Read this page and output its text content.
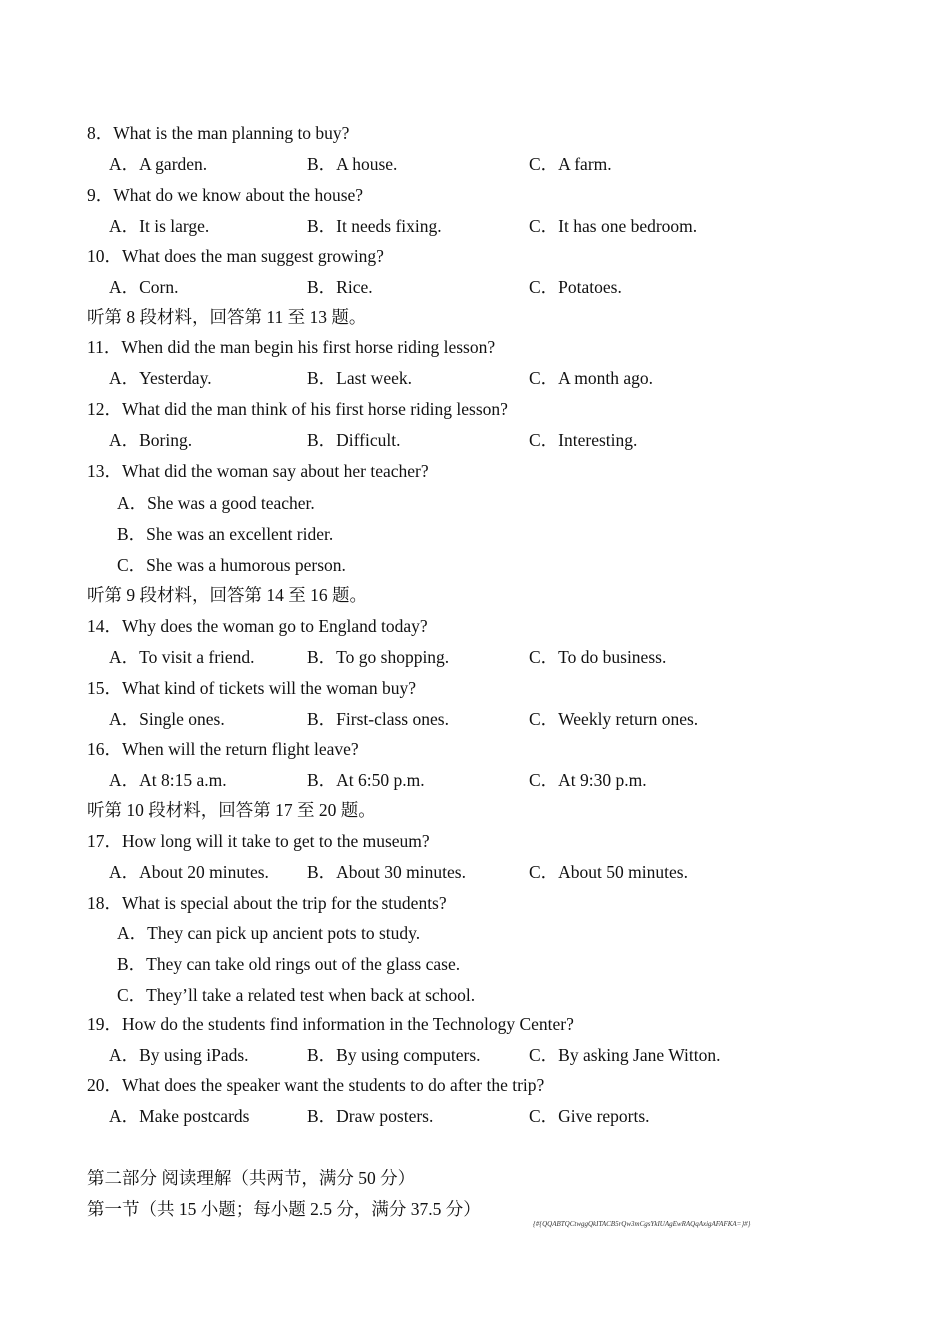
8．What is the man planning to buy?
A．A garden.	B．A house.	C．A farm.
9．What do we know about the house?
A．It is large.	B．It needs fixing.	C．It has one bedroom.
10．What does the man suggest growing?
A．Corn.	B．Rice.	C．Potatoes.
听第 8 段材料，回答第 11 至 13 题。
11．When did the man begin his first horse riding lesson?
A．Yesterday.	B．Last week.	C．A month ago.
12．What did the man think of his first horse riding lesson?
A．Boring.	B．Difficult.	C．Interesting.
13．What did the woman say about her teacher?
A．She was a good teacher.
B．She was an excellent rider.
C．She was a humorous person.
听第 9 段材料，回答第 14 至 16 题。
14．Why does the woman go to England today?
A．To visit a friend.	B．To go shopping.	C．To do business.
15．What kind of tickets will the woman buy?
A．Single ones.	B．First-class ones.	C．Weekly return ones.
16．When will the return flight leave?
A．At 8:15 a.m.	B．At 6:50 p.m.	C．At 9:30 p.m.
听第 10 段材料，回答第 17 至 20 题。
17．How long will it take to get to the museum?
A．About 20 minutes. B．About 30 minutes.	C．About 50 minutes.
18．What is special about the trip for the students?
A．They can pick up ancient pots to study.
B．They can take old rings out of the glass case.
C．They’ll take a related test when back at school.
19．How do the students find information in the Technology Center?
A．By using iPads.	B．By using computers.	C．By asking Jane Witton.
20．What does the speaker want the students to do after the trip?
A．Make postcards	B．Draw posters.	C．Give reports.
第二部分 阅读理解（共两节，满分 50 分）
第一节（共 15 小题；每小题 2.5 分，满分 37.5 分）
{#{QQABTQCtwggQkITACB5rQw3mCgsYkIUAgEwRAQqAxigAFAFKA=}#}
